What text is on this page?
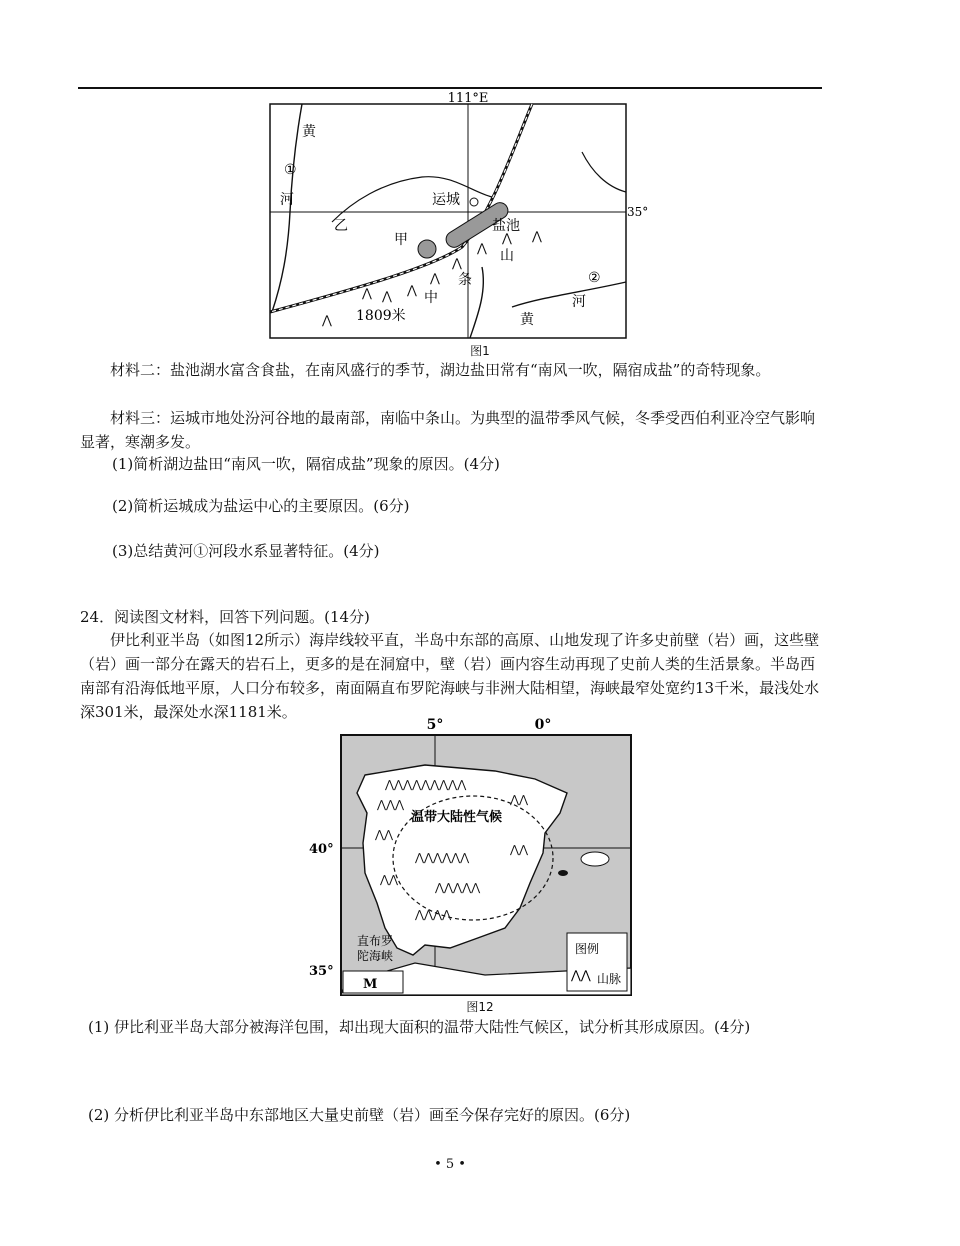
⋀ ⋀
⋀
⋀
⋀
⋀
⋀
⋀
⋀
111°E
35°
黄
①
河	运城
盐池
乙
甲
山
条
中
1809米
②
河
黄
图1
材料二：盐池湖水富含食盐，在南风盛行的季节，湖边盐田常有“南风一吹，隔宿成盐”的奇特现象。
材料三：运城市地处汾河谷地的最南部，南临中条山。为典型的温带季风气候，冬季受西伯利亚冷空气影响显著，寒潮多发。
(1)简析湖边盐田“南风一吹，隔宿成盐”现象的原因。(4分)
(2)简析运城成为盐运中心的主要原因。(6分)
(3)总结黄河①河段水系显著特征。(4分)
24．阅读图文材料，回答下列问题。(14分)
伊比利亚半岛（如图12所示）海岸线较平直，半岛中东部的高原、山地发现了许多史前壁（岩）画，这些壁（岩）画一部分在露天的岩石上，更多的是在洞窟中，壁（岩）画内容生动再现了史前人类的生活景象。半岛西南部有沿海低地平原，人口分布较多，南面隔直布罗陀海峡与非洲大陆相望，海峡最窄处宽约13千米，最浅处水深301米，最深处水深1181米。
⋀⋀⋀⋀⋀⋀⋀⋀⋀
⋀⋀⋀	⋀⋀
⋀⋀
⋀⋀⋀⋀⋀⋀
⋀⋀
⋀⋀⋀⋀⋀
⋀⋀⋀⋀
⋀⋀
图例
⋀⋀ 山脉
M
5°	0°
40°
35°
温带大陆性气候
直布罗
陀海峡
图12
(1) 伊比利亚半岛大部分被海洋包围，却出现大面积的温带大陆性气候区，试分析其形成原因。(4分)
(2) 分析伊比利亚半岛中东部地区大量史前壁（岩）画至今保存完好的原因。(6分)
• 5 •
